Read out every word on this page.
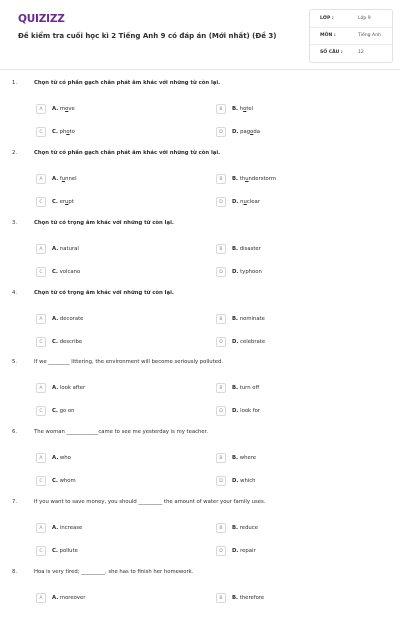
QUIZIZZ
Đề kiểm tra cuối học kì 2 Tiếng Anh 9 có đáp án (Mới nhất) (Đề 3)
LỚP :	Lớp 9
MÔN :	Tiếng Anh
SỐ CÂU :	12
1.	Chọn từ có phần gạch chân phát âm khác với những từ còn lại.
A	A. move	B	B. hotel
C	C. photo	D	D. pagoda
2.	Chọn từ có phần gạch chân phát âm khác với những từ còn lại.
A	A. funnel	B	B. thunderstorm
C	C. erupt	D	D. nuclear
3.	Chọn từ có trọng âm khác với những từ còn lại.
A	A. natural	B	B. disaster
C	C. volcano	D	D. typhoon
4.	Chọn từ có trọng âm khác với những từ còn lại.
A	A. decorate	B	B. nominate
C	C. describe	D	D. celebrate
5.	If we ________ littering, the environment will become seriously polluted.
A	A. look after	B	B. turn off
C	C. go on	D	D. look for
6.	The woman ____________came to see me yesterday is my teacher.
A	A. who	B	B. where
C	C. whom	D	D. which
7.	If you want to save money, you should _________ the amount of water your family uses.
A	A. increase	B	B. reduce
C	C. pollute	D	D. repair
8.	Hoa is very tired; _________, she has to finish her homework.
A	A. moreover	B	B. therefore
